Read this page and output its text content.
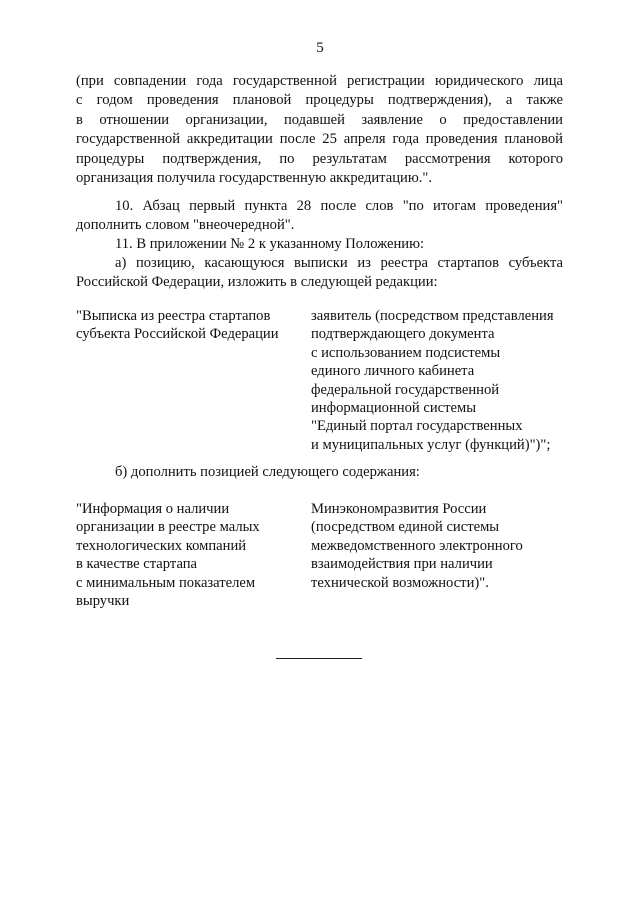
5
(при совпадении года государственной регистрации юридического лица
с годом проведения плановой процедуры подтверждения), а также
в отношении организации, подавшей заявление о предоставлении
государственной аккредитации после 25 апреля года проведения плановой
процедуры подтверждения, по результатам рассмотрения которого
организация получила государственную аккредитацию.".
10. Абзац первый пункта 28 после слов "по итогам проведения"
дополнить словом "внеочередной".
11. В приложении № 2 к указанному Положению:
а) позицию, касающуюся выписки из реестра стартапов субъекта
Российской Федерации, изложить в следующей редакции:
"Выписка из реестра стартапов
субъекта Российской Федерации
заявитель (посредством представления
подтверждающего документа
с использованием подсистемы
единого личного кабинета
федеральной государственной
информационной системы
"Единый портал государственных
и муниципальных услуг (функций)")";
б) дополнить позицией следующего содержания:
"Информация о наличии
организации в реестре малых
технологических компаний
в качестве стартапа
с минимальным показателем
выручки
Минэкономразвития России
(посредством единой системы
межведомственного электронного
взаимодействия при наличии
технической возможности)".
